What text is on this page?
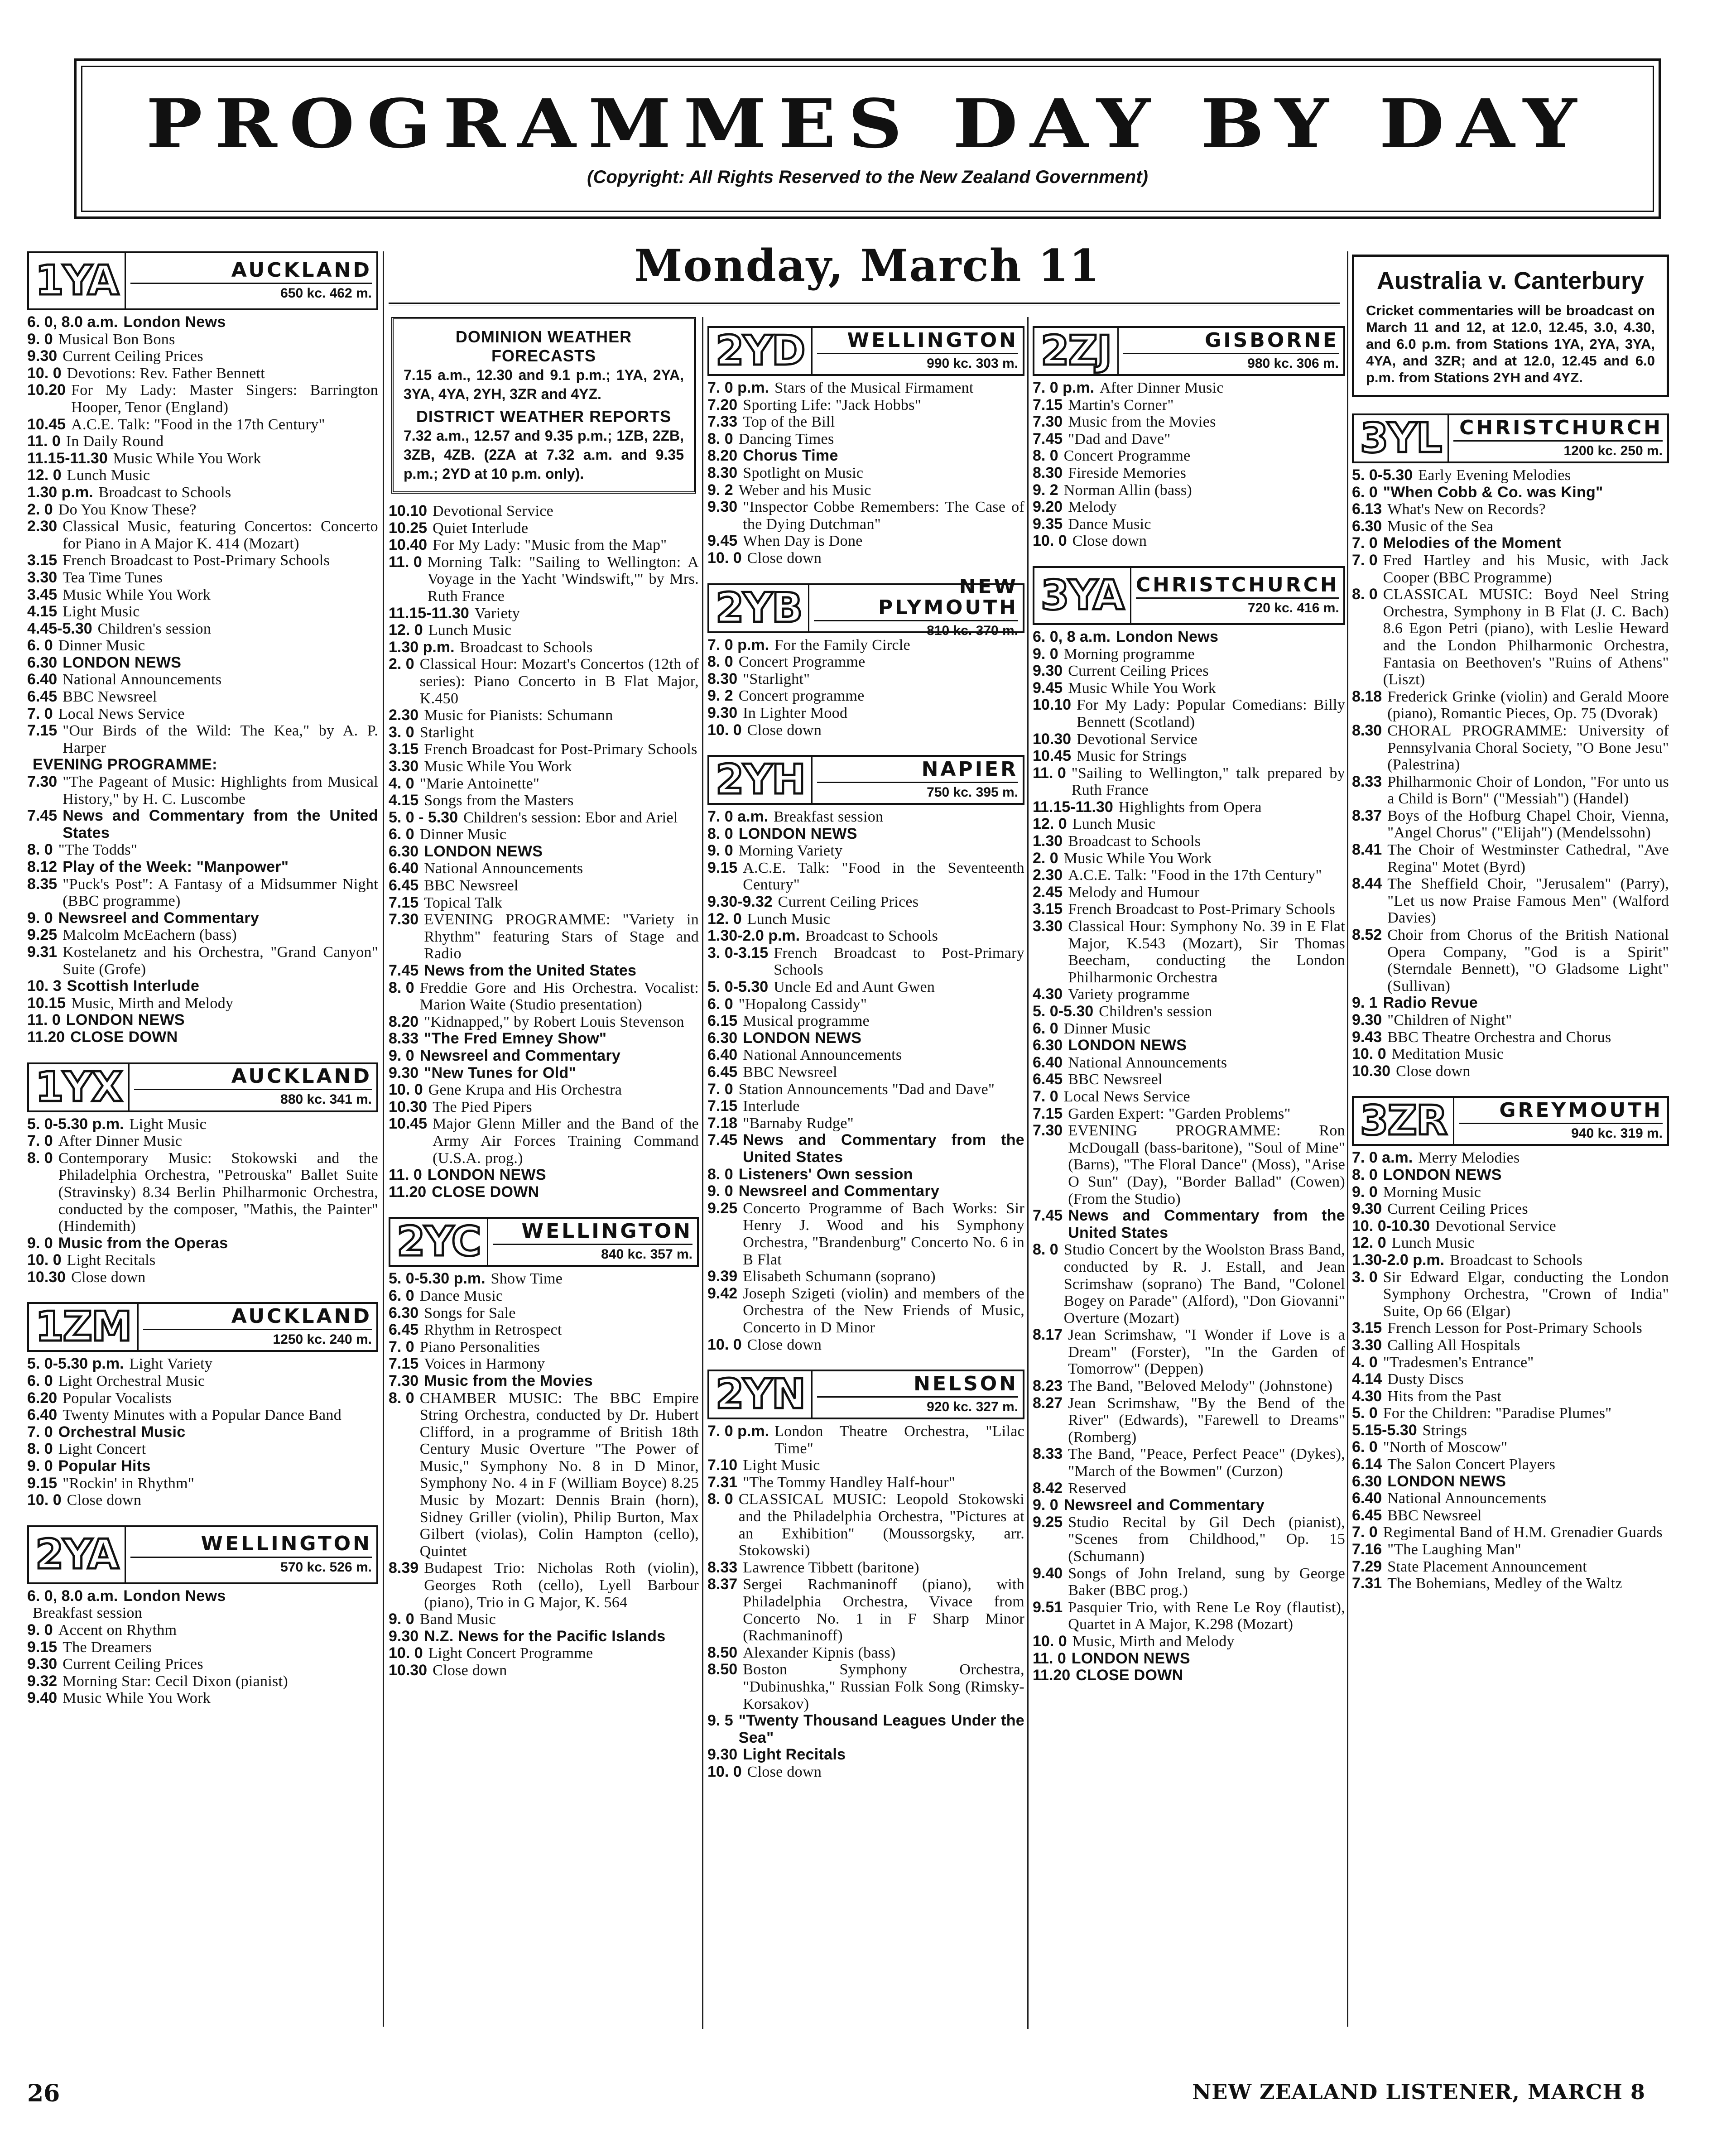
PROGRAMMES DAY BY DAY
(Copyright: All Rights Reserved to the New Zealand Government)
Monday, March 11
1YA	AUCKLAND
650 kc. 462 m.
6. 0, 8.0 a.m. London News
9. 0 Musical Bon Bons
9.30 Current Ceiling Prices
10. 0 Devotions: Rev. Father Bennett
10.20 For My Lady: Master Singers: Barrington Hooper, Tenor (England)
10.45 A.C.E. Talk: "Food in the 17th Century"
11. 0 In Daily Round
11.15-11.30 Music While You Work
12. 0 Lunch Music
1.30 p.m. Broadcast to Schools
2. 0 Do You Know These?
2.30 Classical Music, featuring Concertos: Concerto for Piano in A Major K. 414 (Mozart)
3.15 French Broadcast to Post-Primary Schools
3.30 Tea Time Tunes
3.45 Music While You Work
4.15 Light Music
4.45-5.30 Children's session
6. 0 Dinner Music
6.30 LONDON NEWS
6.40 National Announcements
6.45 BBC Newsreel
7. 0 Local News Service
7.15 "Our Birds of the Wild: The Kea," by A. P. Harper
EVENING PROGRAMME:
7.30 "The Pageant of Music: Highlights from Musical History," by H. C. Luscombe
7.45 News and Commentary from the United States
8. 0 "The Todds"
8.12 Play of the Week: "Manpower"
8.35 "Puck's Post": A Fantasy of a Midsummer Night (BBC programme)
9. 0 Newsreel and Commentary
9.25 Malcolm McEachern (bass)
9.31 Kostelanetz and his Orchestra, "Grand Canyon" Suite (Grofe)
10. 3 Scottish Interlude
10.15 Music, Mirth and Melody
11. 0 LONDON NEWS
11.20 CLOSE DOWN
1YX	AUCKLAND
880 kc. 341 m.
5. 0-5.30 p.m. Light Music
7. 0 After Dinner Music
8. 0 Contemporary Music: Stokowski and the Philadelphia Orchestra, "Petrouska" Ballet Suite (Stravinsky) 8.34 Berlin Philharmonic Orchestra, conducted by the composer, "Mathis, the Painter" (Hindemith)
9. 0 Music from the Operas
10. 0 Light Recitals
10.30 Close down
1ZM	AUCKLAND
1250 kc. 240 m.
5. 0-5.30 p.m. Light Variety
6. 0 Light Orchestral Music
6.20 Popular Vocalists
6.40 Twenty Minutes with a Popular Dance Band
7. 0 Orchestral Music
8. 0 Light Concert
9. 0 Popular Hits
9.15 "Rockin' in Rhythm"
10. 0 Close down
2YA	WELLINGTON
570 kc. 526 m.
6. 0, 8.0 a.m. London News
Breakfast session
9. 0 Accent on Rhythm
9.15 The Dreamers
9.30 Current Ceiling Prices
9.32 Morning Star: Cecil Dixon (pianist)
9.40 Music While You Work
DOMINION WEATHER FORECASTS
7.15 a.m., 12.30 and 9.1 p.m.; 1YA, 2YA, 3YA, 4YA, 2YH, 3ZR and 4YZ.
DISTRICT WEATHER REPORTS
7.32 a.m., 12.57 and 9.35 p.m.; 1ZB, 2ZB, 3ZB, 4ZB. (2ZA at 7.32 a.m. and 9.35 p.m.; 2YD at 10 p.m. only).
10.10 Devotional Service
10.25 Quiet Interlude
10.40 For My Lady: "Music from the Map"
11. 0 Morning Talk: "Sailing to Wellington: A Voyage in the Yacht 'Windswift,'" by Mrs. Ruth France
11.15-11.30 Variety
12. 0 Lunch Music
1.30 p.m. Broadcast to Schools
2. 0 Classical Hour: Mozart's Concertos (12th of series): Piano Concerto in B Flat Major, K.450
2.30 Music for Pianists: Schumann
3. 0 Starlight
3.15 French Broadcast for Post-Primary Schools
3.30 Music While You Work
4. 0 "Marie Antoinette"
4.15 Songs from the Masters
5. 0 - 5.30 Children's session: Ebor and Ariel
6. 0 Dinner Music
6.30 LONDON NEWS
6.40 National Announcements
6.45 BBC Newsreel
7.15 Topical Talk
7.30 EVENING PROGRAMME: "Variety in Rhythm" featuring Stars of Stage and Radio
7.45 News from the United States
8. 0 Freddie Gore and His Orchestra. Vocalist: Marion Waite (Studio presentation)
8.20 "Kidnapped," by Robert Louis Stevenson
8.33 "The Fred Emney Show"
9. 0 Newsreel and Commentary
9.30 "New Tunes for Old"
10. 0 Gene Krupa and His Orchestra
10.30 The Pied Pipers
10.45 Major Glenn Miller and the Band of the Army Air Forces Training Command (U.S.A. prog.)
11. 0 LONDON NEWS
11.20 CLOSE DOWN
2YC	WELLINGTON
840 kc. 357 m.
5. 0-5.30 p.m. Show Time
6. 0 Dance Music
6.30 Songs for Sale
6.45 Rhythm in Retrospect
7. 0 Piano Personalities
7.15 Voices in Harmony
7.30 Music from the Movies
8. 0 CHAMBER MUSIC: The BBC Empire String Orchestra, conducted by Dr. Hubert Clifford, in a programme of British 18th Century Music Overture "The Power of Music," Symphony No. 8 in D Minor, Symphony No. 4 in F (William Boyce) 8.25 Music by Mozart: Dennis Brain (horn), Sidney Griller (violin), Philip Burton, Max Gilbert (violas), Colin Hampton (cello), Quintet
8.39 Budapest Trio: Nicholas Roth (violin), Georges Roth (cello), Lyell Barbour (piano), Trio in G Major, K. 564
9. 0 Band Music
9.30 N.Z. News for the Pacific Islands
10. 0 Light Concert Programme
10.30 Close down
2YD	WELLINGTON
990 kc. 303 m.
7. 0 p.m. Stars of the Musical Firmament
7.20 Sporting Life: "Jack Hobbs"
7.33 Top of the Bill
8. 0 Dancing Times
8.20 Chorus Time
8.30 Spotlight on Music
9. 2 Weber and his Music
9.30 "Inspector Cobbe Remembers: The Case of the Dying Dutchman"
9.45 When Day is Done
10. 0 Close down
2YB	NEW PLYMOUTH
810 kc. 370 m.
7. 0 p.m. For the Family Circle
8. 0 Concert Programme
8.30 "Starlight"
9. 2 Concert programme
9.30 In Lighter Mood
10. 0 Close down
2YH	NAPIER
750 kc. 395 m.
7. 0 a.m. Breakfast session
8. 0 LONDON NEWS
9. 0 Morning Variety
9.15 A.C.E. Talk: "Food in the Seventeenth Century"
9.30-9.32 Current Ceiling Prices
12. 0 Lunch Music
1.30-2.0 p.m. Broadcast to Schools
3. 0-3.15 French Broadcast to Post-Primary Schools
5. 0-5.30 Uncle Ed and Aunt Gwen
6. 0 "Hopalong Cassidy"
6.15 Musical programme
6.30 LONDON NEWS
6.40 National Announcements
6.45 BBC Newsreel
7. 0 Station Announcements "Dad and Dave"
7.15 Interlude
7.18 "Barnaby Rudge"
7.45 News and Commentary from the United States
8. 0 Listeners' Own session
9. 0 Newsreel and Commentary
9.25 Concerto Programme of Bach Works: Sir Henry J. Wood and his Symphony Orchestra, "Brandenburg" Concerto No. 6 in B Flat
9.39 Elisabeth Schumann (soprano)
9.42 Joseph Szigeti (violin) and members of the Orchestra of the New Friends of Music, Concerto in D Minor
10. 0 Close down
2YN	NELSON
920 kc. 327 m.
7. 0 p.m. London Theatre Orchestra, "Lilac Time"
7.10 Light Music
7.31 "The Tommy Handley Half-hour"
8. 0 CLASSICAL MUSIC: Leopold Stokowski and the Philadelphia Orchestra, "Pictures at an Exhibition" (Moussorgsky, arr. Stokowski)
8.33 Lawrence Tibbett (baritone)
8.37 Sergei Rachmaninoff (piano), with Philadelphia Orchestra, Vivace from Concerto No. 1 in F Sharp Minor (Rachmaninoff)
8.50 Alexander Kipnis (bass)
8.50 Boston Symphony Orchestra, "Dubinushka," Russian Folk Song (Rimsky-Korsakov)
9. 5 "Twenty Thousand Leagues Under the Sea"
9.30 Light Recitals
10. 0 Close down
2ZJ	GISBORNE
980 kc. 306 m.
7. 0 p.m. After Dinner Music
7.15 Martin's Corner"
7.30 Music from the Movies
7.45 "Dad and Dave"
8. 0 Concert Programme
8.30 Fireside Memories
9. 2 Norman Allin (bass)
9.20 Melody
9.35 Dance Music
10. 0 Close down
3YA CHRISTCHURCH
720 kc. 416 m.
6. 0, 8 a.m. London News
9. 0 Morning programme
9.30 Current Ceiling Prices
9.45 Music While You Work
10.10 For My Lady: Popular Comedians: Billy Bennett (Scotland)
10.30 Devotional Service
10.45 Music for Strings
11. 0 "Sailing to Wellington," talk prepared by Ruth France
11.15-11.30 Highlights from Opera
12. 0 Lunch Music
1.30 Broadcast to Schools
2. 0 Music While You Work
2.30 A.C.E. Talk: "Food in the 17th Century"
2.45 Melody and Humour
3.15 French Broadcast to Post-Primary Schools
3.30 Classical Hour: Symphony No. 39 in E Flat Major, K.543 (Mozart), Sir Thomas Beecham, conducting the London Philharmonic Orchestra
4.30 Variety programme
5. 0-5.30 Children's session
6. 0 Dinner Music
6.30 LONDON NEWS
6.40 National Announcements
6.45 BBC Newsreel
7. 0 Local News Service
7.15 Garden Expert: "Garden Problems"
7.30 EVENING PROGRAMME: Ron McDougall (bass-baritone), "Soul of Mine" (Barns), "The Floral Dance" (Moss), "Arise O Sun" (Day), "Border Ballad" (Cowen) (From the Studio)
7.45 News and Commentary from the United States
8. 0 Studio Concert by the Woolston Brass Band, conducted by R. J. Estall, and Jean Scrimshaw (soprano) The Band, "Colonel Bogey on Parade" (Alford), "Don Giovanni" Overture (Mozart)
8.17 Jean Scrimshaw, "I Wonder if Love is a Dream" (Forster), "In the Garden of Tomorrow" (Deppen)
8.23 The Band, "Beloved Melody" (Johnstone)
8.27 Jean Scrimshaw, "By the Bend of the River" (Edwards), "Farewell to Dreams" (Romberg)
8.33 The Band, "Peace, Perfect Peace" (Dykes), "March of the Bowmen" (Curzon)
8.42 Reserved
9. 0 Newsreel and Commentary
9.25 Studio Recital by Gil Dech (pianist), "Scenes from Childhood," Op. 15 (Schumann)
9.40 Songs of John Ireland, sung by George Baker (BBC prog.)
9.51 Pasquier Trio, with Rene Le Roy (flautist), Quartet in A Major, K.298 (Mozart)
10. 0 Music, Mirth and Melody
11. 0 LONDON NEWS
11.20 CLOSE DOWN
Australia v. Canterbury
Cricket commentaries will be broadcast on March 11 and 12, at 12.0, 12.45, 3.0, 4.30, and 6.0 p.m. from Stations 1YA, 2YA, 3YA, 4YA, and 3ZR; and at 12.0, 12.45 and 6.0 p.m. from Stations 2YH and 4YZ.
3YL CHRISTCHURCH
1200 kc. 250 m.
5. 0-5.30 Early Evening Melodies
6. 0 "When Cobb & Co. was King"
6.13 What's New on Records?
6.30 Music of the Sea
7. 0 Melodies of the Moment
7. 0 Fred Hartley and his Music, with Jack Cooper (BBC Programme)
8. 0 CLASSICAL MUSIC: Boyd Neel String Orchestra, Symphony in B Flat (J. C. Bach) 8.6 Egon Petri (piano), with Leslie Heward and the London Philharmonic Orchestra, Fantasia on Beethoven's "Ruins of Athens" (Liszt)
8.18 Frederick Grinke (violin) and Gerald Moore (piano), Romantic Pieces, Op. 75 (Dvorak)
8.30 CHORAL PROGRAMME: University of Pennsylvania Choral Society, "O Bone Jesu" (Palestrina)
8.33 Philharmonic Choir of London, "For unto us a Child is Born" ("Messiah") (Handel)
8.37 Boys of the Hofburg Chapel Choir, Vienna, "Angel Chorus" ("Elijah") (Mendelssohn)
8.41 The Choir of Westminster Cathedral, "Ave Regina" Motet (Byrd)
8.44 The Sheffield Choir, "Jerusalem" (Parry), "Let us now Praise Famous Men" (Walford Davies)
8.52 Choir from Chorus of the British National Opera Company, "God is a Spirit" (Sterndale Bennett), "O Gladsome Light" (Sullivan)
9. 1 Radio Revue
9.30 "Children of Night"
9.43 BBC Theatre Orchestra and Chorus
10. 0 Meditation Music
10.30 Close down
3ZR	GREYMOUTH
940 kc. 319 m.
7. 0 a.m. Merry Melodies
8. 0 LONDON NEWS
9. 0 Morning Music
9.30 Current Ceiling Prices
10. 0-10.30 Devotional Service
12. 0 Lunch Music
1.30-2.0 p.m. Broadcast to Schools
3. 0 Sir Edward Elgar, conducting the London Symphony Orchestra, "Crown of India" Suite, Op 66 (Elgar)
3.15 French Lesson for Post-Primary Schools
3.30 Calling All Hospitals
4. 0 "Tradesmen's Entrance"
4.14 Dusty Discs
4.30 Hits from the Past
5. 0 For the Children: "Paradise Plumes"
5.15-5.30 Strings
6. 0 "North of Moscow"
6.14 The Salon Concert Players
6.30 LONDON NEWS
6.40 National Announcements
6.45 BBC Newsreel
7. 0 Regimental Band of H.M. Grenadier Guards
7.16 "The Laughing Man"
7.29 State Placement Announcement
7.31 The Bohemians, Medley of the Waltz
26	NEW ZEALAND LISTENER, MARCH 8
